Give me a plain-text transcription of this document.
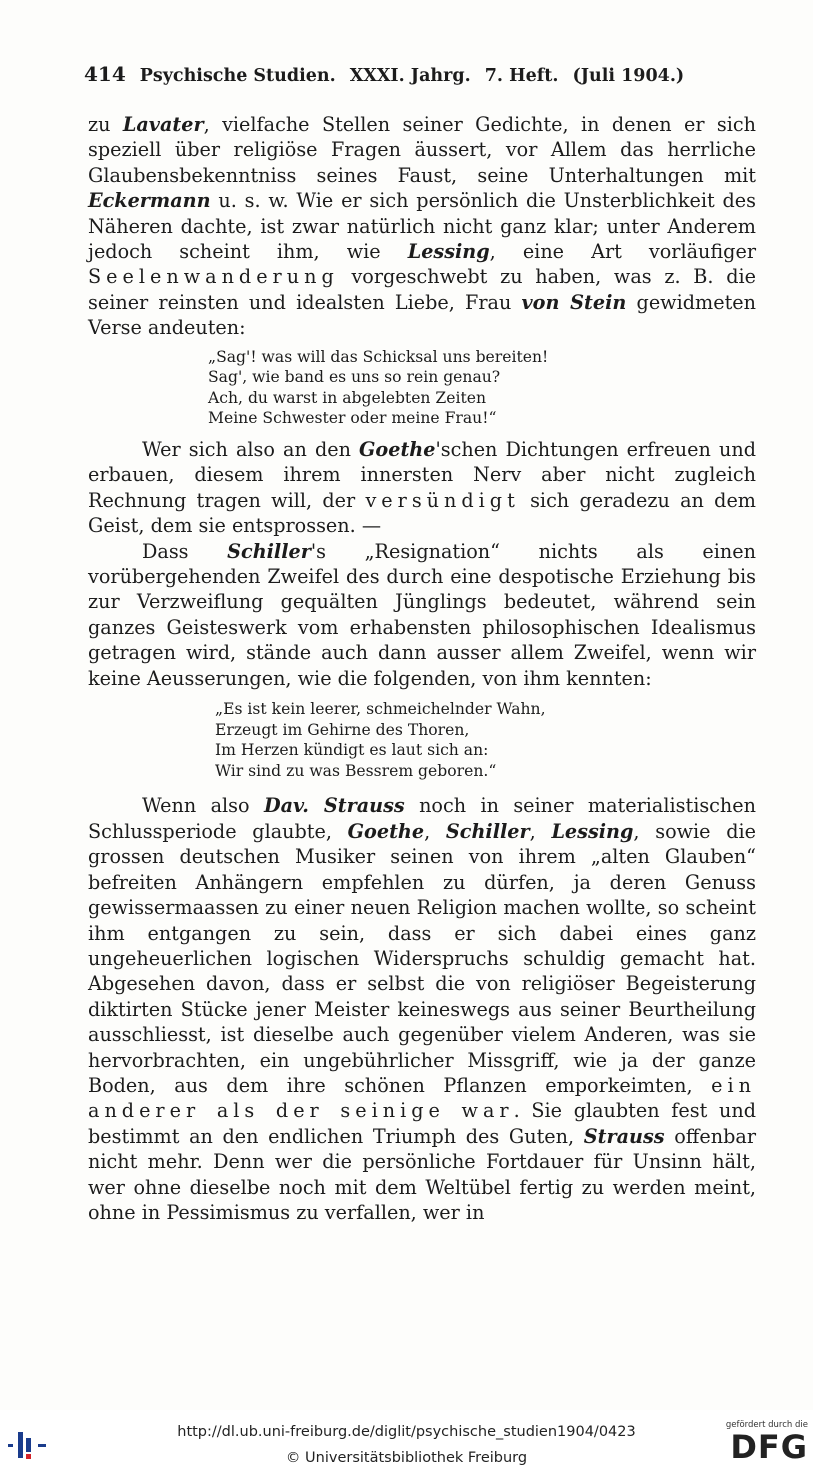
414 Psychische Studien. XXXI. Jahrg. 7. Heft. (Juli 1904.)

zu Lavater, vielfache Stellen seiner Gedichte, in denen er sich speziell über religiöse Fragen äussert, vor Allem das herrliche Glaubensbekenntniss seines Faust, seine Unterhaltungen mit Eckermann u. s. w. Wie er sich persönlich die Unsterblichkeit des Näheren dachte, ist zwar natürlich nicht ganz klar; unter Anderem jedoch scheint ihm, wie Lessing, eine Art vorläufiger Seelenwanderung vorgeschwebt zu haben, was z. B. die seiner reinsten und idealsten Liebe, Frau von Stein gewidmeten Verse andeuten:

„Sag'! was will das Schicksal uns bereiten!
Sag', wie band es uns so rein genau?
Ach, du warst in abgelebten Zeiten
Meine Schwester oder meine Frau!“

Wer sich also an den Goethe'schen Dichtungen erfreuen und erbauen, diesem ihrem innersten Nerv aber nicht zugleich Rechnung tragen will, der versündigt sich geradezu an dem Geist, dem sie entsprossen. —

Dass Schiller's „Resignation“ nichts als einen vorübergehenden Zweifel des durch eine despotische Erziehung bis zur Verzweiflung gequälten Jünglings bedeutet, während sein ganzes Geisteswerk vom erhabensten philosophischen Idealismus getragen wird, stände auch dann ausser allem Zweifel, wenn wir keine Aeusserungen, wie die folgenden, von ihm kennten:

„Es ist kein leerer, schmeichelnder Wahn,
Erzeugt im Gehirne des Thoren,
Im Herzen kündigt es laut sich an:
Wir sind zu was Bessrem geboren.“

Wenn also Dav. Strauss noch in seiner materialistischen Schlussperiode glaubte, Goethe, Schiller, Lessing, sowie die grossen deutschen Musiker seinen von ihrem „alten Glauben“ befreiten Anhängern empfehlen zu dürfen, ja deren Genuss gewissermaassen zu einer neuen Religion machen wollte, so scheint ihm entgangen zu sein, dass er sich dabei eines ganz ungeheuerlichen logischen Widerspruchs schuldig gemacht hat. Abgesehen davon, dass er selbst die von religiöser Begeisterung diktirten Stücke jener Meister keineswegs aus seiner Beurtheilung ausschliesst, ist dieselbe auch gegenüber vielem Anderen, was sie hervorbrachten, ein ungebührlicher Missgriff, wie ja der ganze Boden, aus dem ihre schönen Pflanzen emporkeimten, ein anderer als der seinige war. Sie glaubten fest und bestimmt an den endlichen Triumph des Guten, Strauss offenbar nicht mehr. Denn wer die persönliche Fortdauer für Unsinn hält, wer ohne dieselbe noch mit dem Weltübel fertig zu werden meint, ohne in Pessimismus zu verfallen, wer in

http://dl.ub.uni-freiburg.de/diglit/psychische_studien1904/0423
© Universitätsbibliothek Freiburg
gefördert durch die
DFG
